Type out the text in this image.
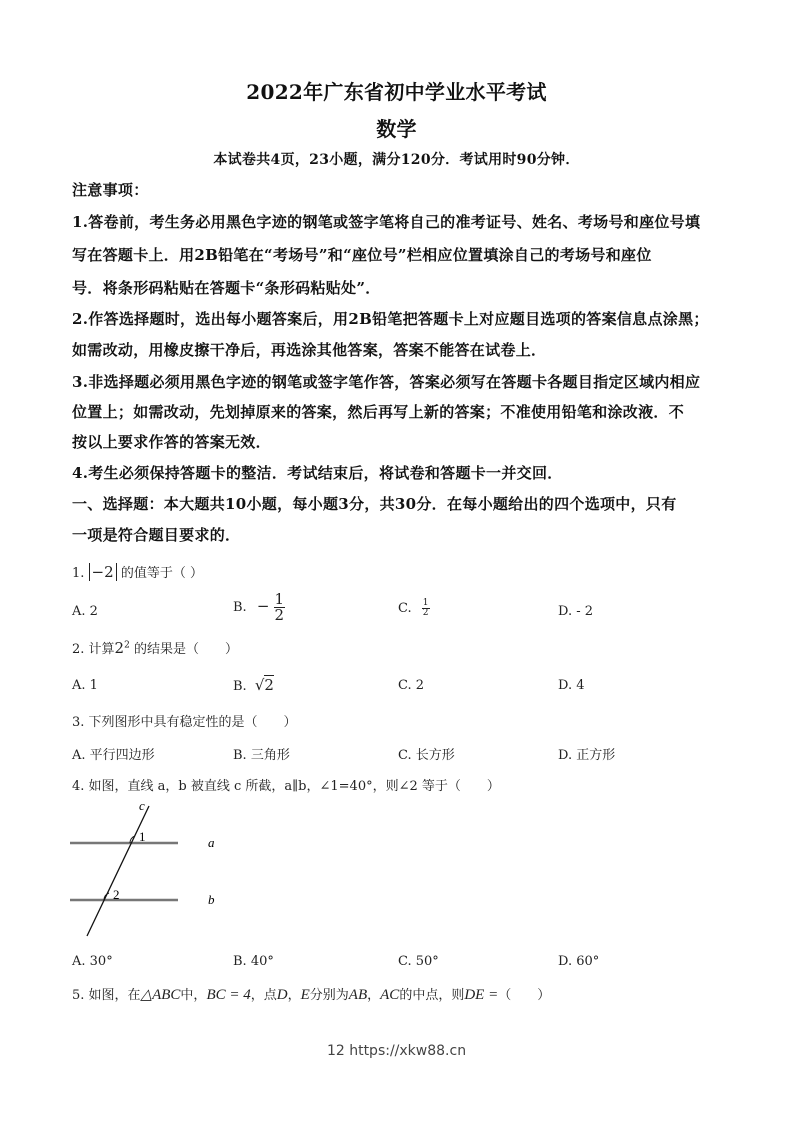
2022年广东省初中学业水平考试
数学
本试卷共4页，23小题，满分120分．考试用时90分钟．
注意事项：
1.答卷前，考生务必用黑色字迹的钢笔或签字笔将自己的准考证号、姓名、考场号和座位号填
写在答题卡上．用2B铅笔在“考场号”和“座位号”栏相应位置填涂自己的考场号和座位
号．将条形码粘贴在答题卡“条形码粘贴处”．
2.作答选择题时，选出每小题答案后，用2B铅笔把答题卡上对应题目选项的答案信息点涂黑；
如需改动，用橡皮擦干净后，再选涂其他答案，答案不能答在试卷上．
3.非选择题必须用黑色字迹的钢笔或签字笔作答，答案必须写在答题卡各题目指定区域内相应
位置上；如需改动，先划掉原来的答案，然后再写上新的答案；不准使用铅笔和涂改液．不
按以上要求作答的答案无效．
4.考生必须保持答题卡的整洁．考试结束后，将试卷和答题卡一并交回．
一、选择题：本大题共10小题，每小题3分，共30分．在每小题给出的四个选项中，只有
一项是符合题目要求的．
1. −2 的值等于（ ）
A. 2	B. − $\frac{1}{2}$	C. $\frac{1}{2}$	D. - 2
2. 计算$2^2$ 的结果是（　　）
A. 1	B. √2	C. 2	D. 4
3. 下列图形中具有稳定性的是（　　）
A. 平行四边形	B. 三角形	C. 长方形	D. 正方形
4. 如图，直线 a，b 被直线 c 所截，a∥b，∠1=40°，则∠2 等于（　　）
c
a
b
1
2
A. 30°	B. 40°	C. 50°	D. 60°
5. 如图，在△ABC中，BC = 4，点D，E分别为AB，AC的中点，则DE =（　　）
12 https://xkw88.cn
